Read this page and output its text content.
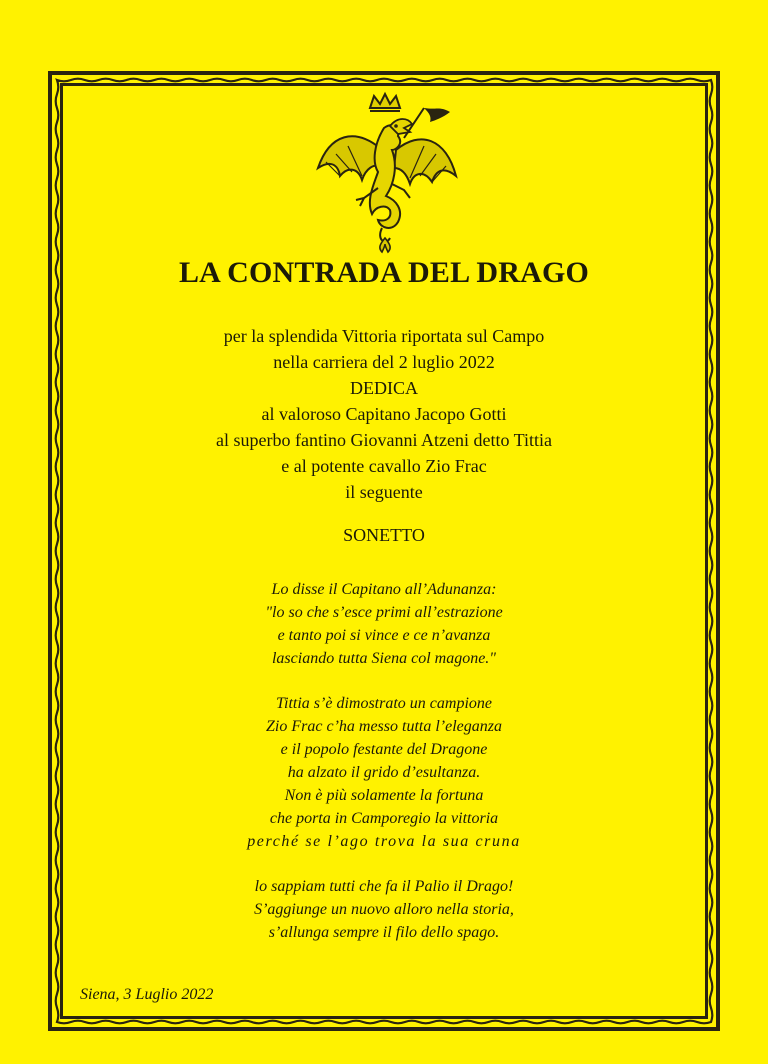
LA CONTRADA DEL DRAGO
per la splendida Vittoria riportata sul Campo
nella carriera del 2 luglio 2022
DEDICA
al valoroso Capitano Jacopo Gotti
al superbo fantino Giovanni Atzeni detto Tittia
e al potente cavallo Zio Frac
il seguente
SONETTO
Lo disse il Capitano all’Adunanza:
"lo so che s’esce primi all’estrazione
e tanto poi si vince e ce n’avanza
lasciando tutta Siena col magone."
Tittia s’è dimostrato un campione
Zio Frac c’ha messo tutta l’eleganza
e il popolo festante del Dragone
ha alzato il grido d’esultanza.
Non è più solamente la fortuna
che porta in Camporegio la vittoria
perché se l’ago trova la sua cruna
lo sappiam tutti che fa il Palio il Drago!
S’aggiunge un nuovo alloro nella storia,
s’allunga sempre il filo dello spago.
Siena, 3 Luglio 2022
